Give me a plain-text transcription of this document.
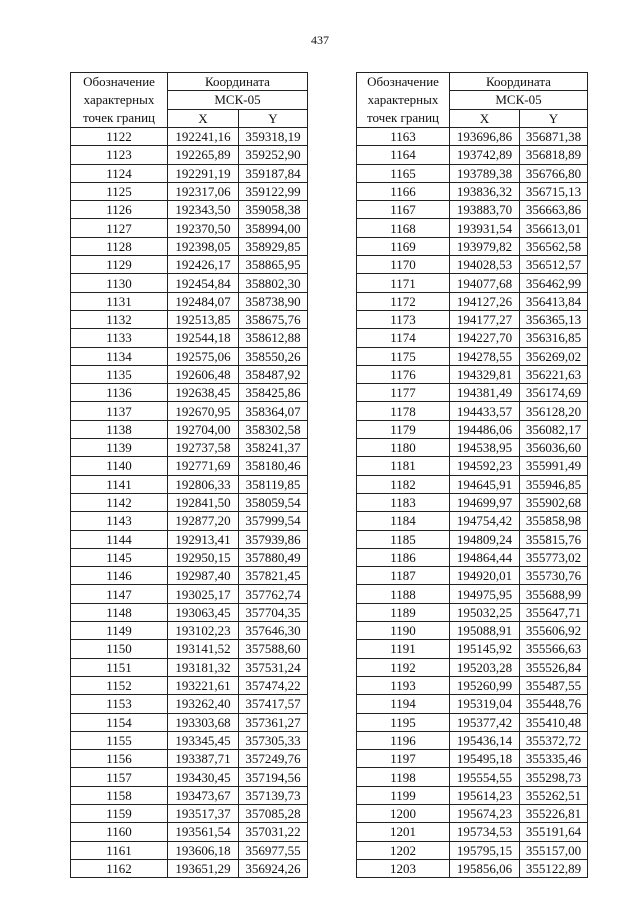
437
Обозначение
характерных
точек границ	Координата	
	МСК-05	
	X	Y
1122	192241,16	359318,19
1123	192265,89	359252,90
1124	192291,19	359187,84
1125	192317,06	359122,99
1126	192343,50	359058,38
1127	192370,50	358994,00
1128	192398,05	358929,85
1129	192426,17	358865,95
1130	192454,84	358802,30
1131	192484,07	358738,90
1132	192513,85	358675,76
1133	192544,18	358612,88
1134	192575,06	358550,26
1135	192606,48	358487,92
1136	192638,45	358425,86
1137	192670,95	358364,07
1138	192704,00	358302,58
1139	192737,58	358241,37
1140	192771,69	358180,46
1141	192806,33	358119,85
1142	192841,50	358059,54
1143	192877,20	357999,54
1144	192913,41	357939,86
1145	192950,15	357880,49
1146	192987,40	357821,45
1147	193025,17	357762,74
1148	193063,45	357704,35
1149	193102,23	357646,30
1150	193141,52	357588,60
1151	193181,32	357531,24
1152	193221,61	357474,22
1153	193262,40	357417,57
1154	193303,68	357361,27
1155	193345,45	357305,33
1156	193387,71	357249,76
1157	193430,45	357194,56
1158	193473,67	357139,73
1159	193517,37	357085,28
1160	193561,54	357031,22
1161	193606,18	356977,55
1162	193651,29	356924,26
Обозначение
характерных
точек границ	Координата	
	МСК-05	
	X	Y
1163	193696,86	356871,38
1164	193742,89	356818,89
1165	193789,38	356766,80
1166	193836,32	356715,13
1167	193883,70	356663,86
1168	193931,54	356613,01
1169	193979,82	356562,58
1170	194028,53	356512,57
1171	194077,68	356462,99
1172	194127,26	356413,84
1173	194177,27	356365,13
1174	194227,70	356316,85
1175	194278,55	356269,02
1176	194329,81	356221,63
1177	194381,49	356174,69
1178	194433,57	356128,20
1179	194486,06	356082,17
1180	194538,95	356036,60
1181	194592,23	355991,49
1182	194645,91	355946,85
1183	194699,97	355902,68
1184	194754,42	355858,98
1185	194809,24	355815,76
1186	194864,44	355773,02
1187	194920,01	355730,76
1188	194975,95	355688,99
1189	195032,25	355647,71
1190	195088,91	355606,92
1191	195145,92	355566,63
1192	195203,28	355526,84
1193	195260,99	355487,55
1194	195319,04	355448,76
1195	195377,42	355410,48
1196	195436,14	355372,72
1197	195495,18	355335,46
1198	195554,55	355298,73
1199	195614,23	355262,51
1200	195674,23	355226,81
1201	195734,53	355191,64
1202	195795,15	355157,00
1203	195856,06	355122,89
